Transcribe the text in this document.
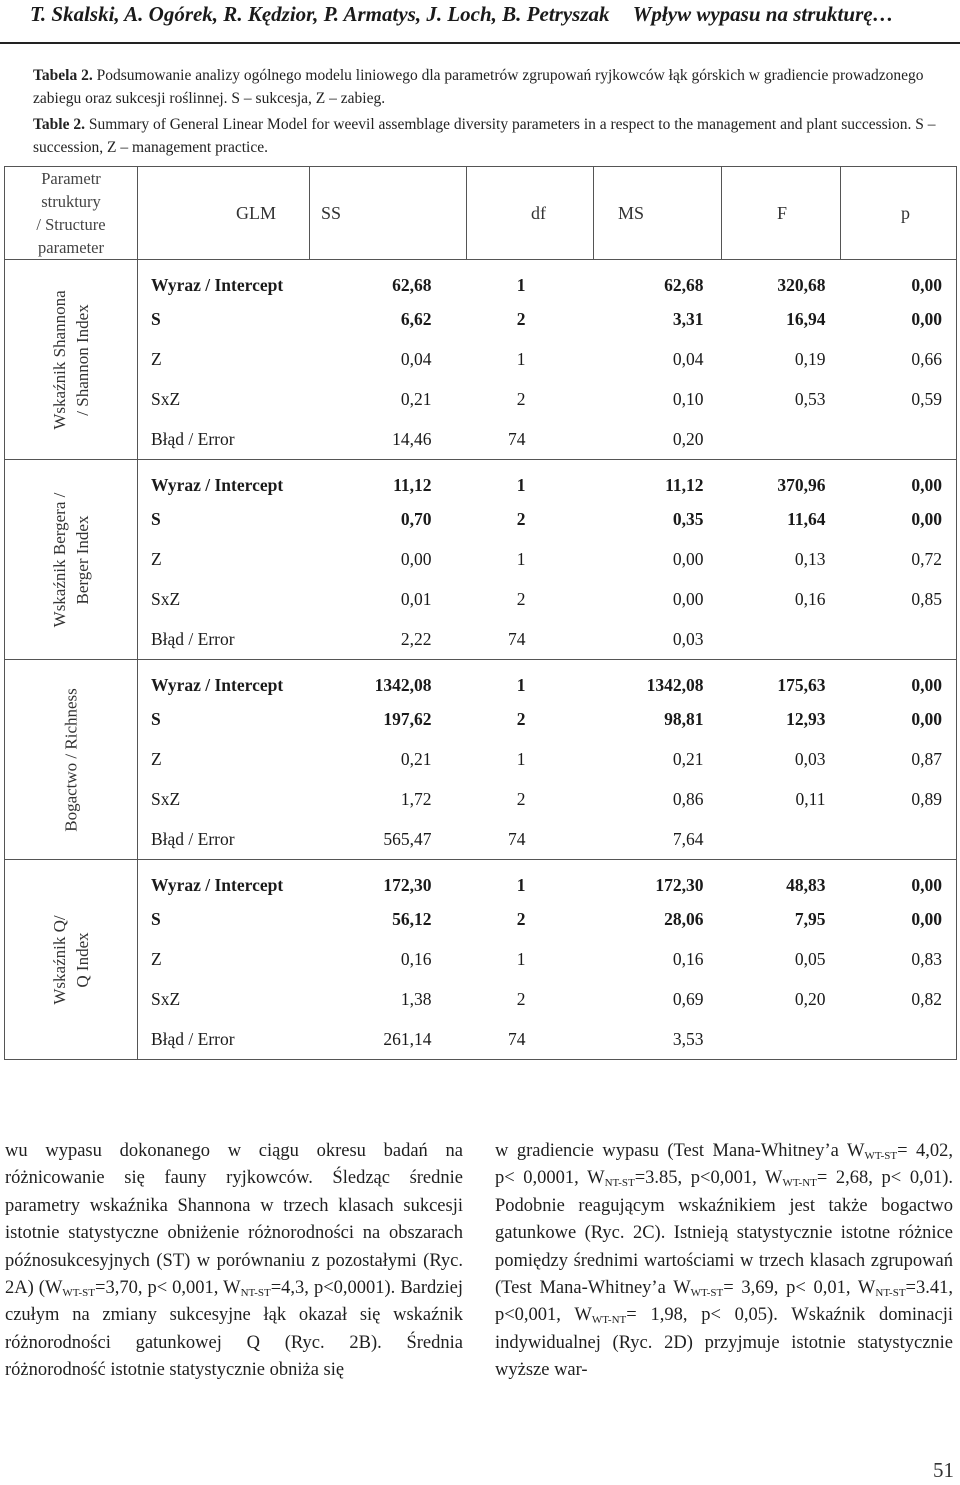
T. Skalski, A. Ogórek, R. Kędzior, P. Armatys, J. Loch, B. Petryszak Wpływ wypasu na strukturę…
Tabela 2. Podsumowanie analizy ogólnego modelu liniowego dla parametrów zgrupowań ryjkowców łąk górskich w gradiencie prowadzonego zabiegu oraz sukcesji roślinnej. S – sukcesja, Z – zabieg.
Table 2. Summary of General Linear Model for weevil assemblage diversity parameters in a respect to the management and plant succession. S – succession, Z – management practice.
Parametr
struktury
/ Structure
parameter	GLM	SS	df	MS	F	p

Wskaźnik Shannona / Shannon Index	Wyraz / Intercept	62,68	1	62,68	320,68	0,00
	S	6,62	2	3,31	16,94	0,00
	Z	0,04	1	0,04	0,19	0,66
	SxZ	0,21	2	0,10	0,53	0,59
	Błąd / Error	14,46	74	0,20		

Wskaźnik Bergera / Berger Index	Wyraz / Intercept	11,12	1	11,12	370,96	0,00
	S	0,70	2	0,35	11,64	0,00
	Z	0,00	1	0,00	0,13	0,72
	SxZ	0,01	2	0,00	0,16	0,85
	Błąd / Error	2,22	74	0,03		

Bogactwo / Richness	Wyraz / Intercept	1342,08	1	1342,08	175,63	0,00
	S	197,62	2	98,81	12,93	0,00
	Z	0,21	1	0,21	0,03	0,87
	SxZ	1,72	2	0,86	0,11	0,89
	Błąd / Error	565,47	74	7,64		

Wskaźnik Q/ Q Index	Wyraz / Intercept	172,30	1	172,30	48,83	0,00
	S	56,12	2	28,06	7,95	0,00
	Z	0,16	1	0,16	0,05	0,83
	SxZ	1,38	2	0,69	0,20	0,82
	Błąd / Error	261,14	74	3,53		

wu wypasu dokonanego w ciągu okresu badań na różnicowanie się fauny ryjkowców. Śledząc średnie parametry wskaźnika Shannona w trzech klasach sukcesji istotnie statystyczne obniżenie różnorodności na obszarach późnosukcesyjnych (ST) w porównaniu z pozostałymi (Ryc. 2A) ($W_{WT-ST}=3,70$, p< 0,001, $W_{NT-ST}=4,3$, p<0,0001). Bardziej czułym na zmiany sukcesyjne łąk okazał się wskaźnik różnorodności gatunkowej Q (Ryc. 2B). Średnia różnorodność istotnie statystycznie obniża się

w gradiencie wypasu (Test Mana-Whitney’a $W_{WT-ST}= 4,02$, p< 0,0001, $W_{NT-ST}=3.85$, p<0,001, $W_{WT-NT}= 2,68$, p< 0,01). Podobnie reagującym wskaźnikiem jest także bogactwo gatunkowe (Ryc. 2C). Istnieją statystycznie istotne różnice pomiędzy średnimi wartościami w trzech klasach zgrupowań (Test Mana-Whitney’a $W_{WT-ST}= 3,69$, p< 0,01, $W_{NT-ST}=3.41$, p<0,001, $W_{WT-NT}= 1,98$, p< 0,05). Wskaźnik dominacji indywidualnej (Ryc. 2D) przyjmuje istotnie statystycznie wyższe war-

51
